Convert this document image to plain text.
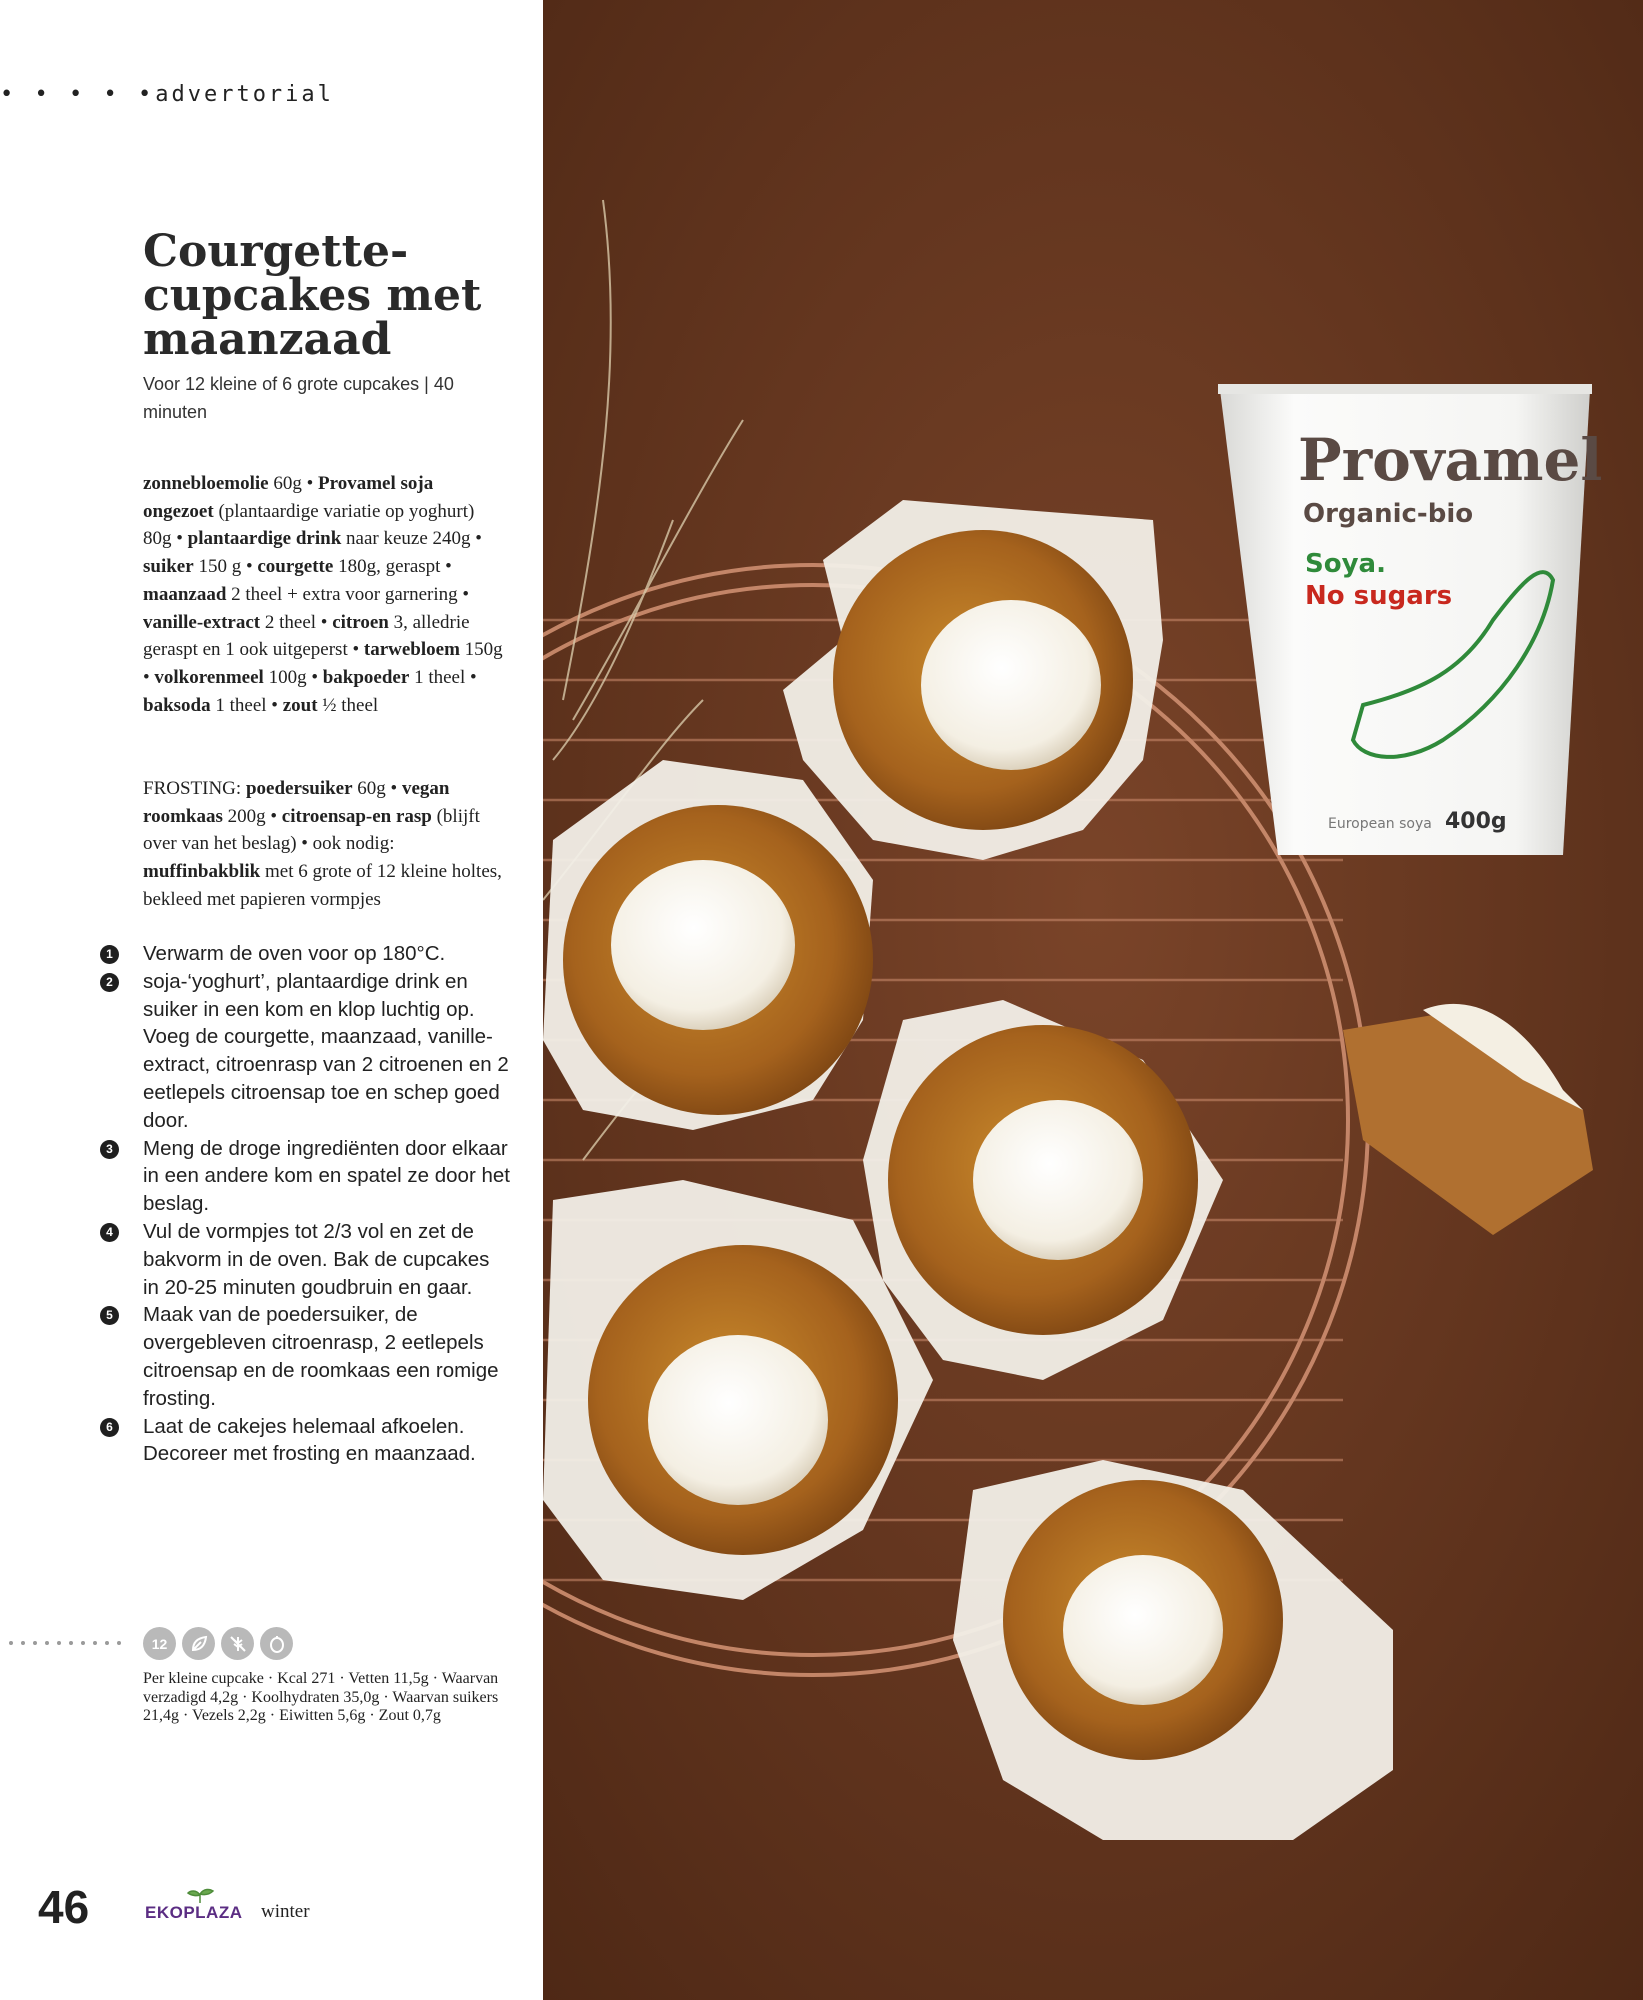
• • • • •advertorial
Courgette-cupcakes met maanzaad
Voor 12 kleine of 6 grote cupcakes | 40 minuten
zonnebloemolie 60g • Provamel soja ongezoet (plantaardige variatie op yoghurt) 80g • plantaardige drink naar keuze 240g • suiker 150 g • courgette 180g, geraspt • maanzaad 2 theel + extra voor garnering • vanille-extract 2 theel • citroen 3, alledrie geraspt en 1 ook uitgeperst • tarwebloem 150g • volkorenmeel 100g • bakpoeder 1 theel • baksoda 1 theel • zout ½ theel
FROSTING: poedersuiker 60g • vegan roomkaas 200g • citroensap-en rasp (blijft over van het beslag) • ook nodig: muffinbakblik met 6 grote of 12 kleine holtes, bekleed met papieren vormpjes
1	Verwarm de oven voor op 180°C.
2	soja-‘yoghurt’, plantaardige drink en suiker in een kom en klop luchtig op. Voeg de courgette, maanzaad, vanille-extract, citroenrasp van 2 citroenen en 2 eetlepels citroensap toe en schep goed door.
3	Meng de droge ingrediënten door elkaar in een andere kom en spatel ze door het beslag.
4	Vul de vormpjes tot 2/3 vol en zet de bakvorm in de oven. Bak de cupcakes in 20-25 minuten goudbruin en gaar.
5	Maak van de poedersuiker, de overgebleven citroenrasp, 2 eetlepels citroensap en de roomkaas een romige frosting.
6	Laat de cakejes helemaal afkoelen. Decoreer met frosting en maanzaad.
12
Per kleine cupcake · Kcal 271 · Vetten 11,5g · Waarvan verzadigd 4,2g · Koolhydraten 35,0g · Waarvan suikers 21,4g · Vezels 2,2g · Eiwitten 5,6g · Zout 0,7g
46	EKOPLAZA winter
Provamel
Organic-bio
Soya.
No sugars
European soya 400g
